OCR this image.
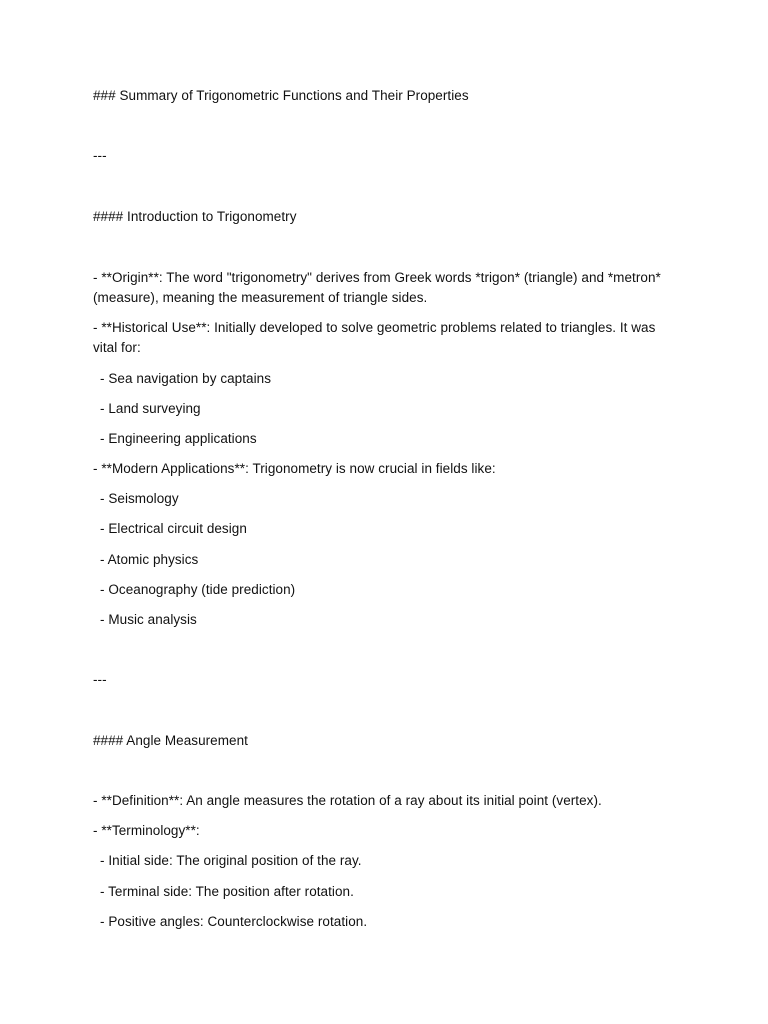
### Summary of Trigonometric Functions and Their Properties
---
#### Introduction to Trigonometry
- **Origin**: The word "trigonometry" derives from Greek words *trigon* (triangle) and *metron* (measure), meaning the measurement of triangle sides.
- **Historical Use**: Initially developed to solve geometric problems related to triangles. It was vital for:
- Sea navigation by captains
- Land surveying
- Engineering applications
- **Modern Applications**: Trigonometry is now crucial in fields like:
- Seismology
- Electrical circuit design
- Atomic physics
- Oceanography (tide prediction)
- Music analysis
---
#### Angle Measurement
- **Definition**: An angle measures the rotation of a ray about its initial point (vertex).
- **Terminology**:
- Initial side: The original position of the ray.
- Terminal side: The position after rotation.
- Positive angles: Counterclockwise rotation.
